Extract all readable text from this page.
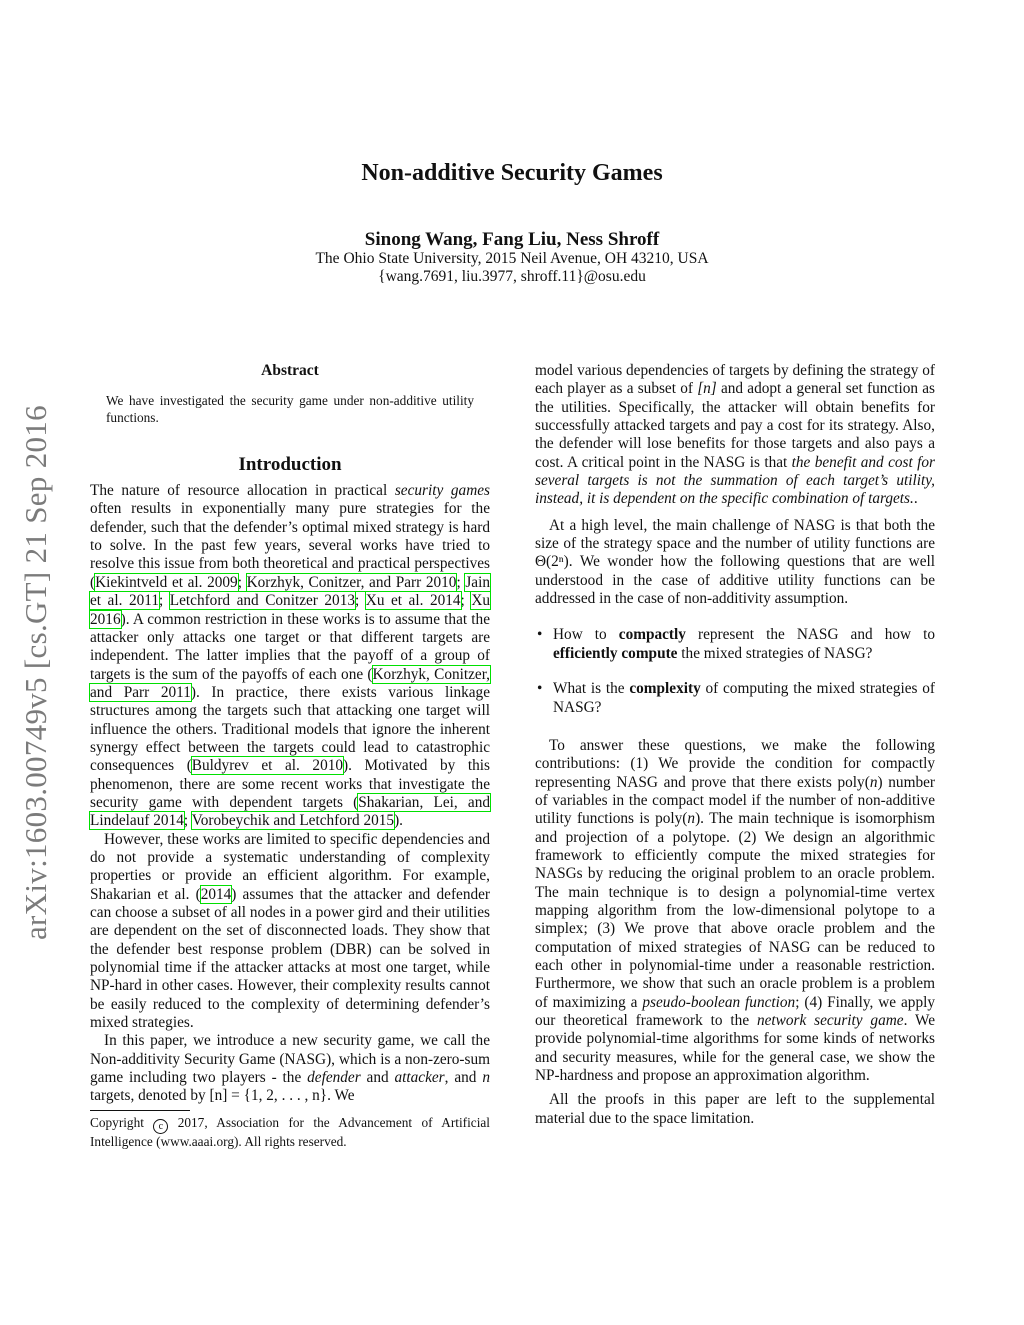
arXiv:1603.00749v5 [cs.GT] 21 Sep 2016
Non-additive Security Games
Sinong Wang, Fang Liu, Ness Shroff
The Ohio State University, 2015 Neil Avenue, OH 43210, USA
{wang.7691, liu.3977, shroff.11}@osu.edu
Abstract
We have investigated the security game under non-additive utility functions.
Introduction

The nature of resource allocation in practical security games often results in exponentially many pure strategies for the defender, such that the defender’s optimal mixed strategy is hard to solve. In the past few years, several works have tried to resolve this issue from both theoretical and practical perspectives (Kiekintveld et al. 2009; Korzhyk, Conitzer, and Parr 2010; Jain et al. 2011; Letchford and Conitzer 2013; Xu et al. 2014; Xu 2016). A common restriction in these works is to assume that the attacker only attacks one target or that different targets are independent. The latter implies that the payoff of a group of targets is the sum of the payoffs of each one (Korzhyk, Conitzer, and Parr 2011). In practice, there exists various linkage structures among the targets such that attacking one target will influence the others. Traditional models that ignore the inherent synergy effect between the targets could lead to catastrophic consequences (Buldyrev et al. 2010). Motivated by this phenomenon, there are some recent works that investigate the security game with dependent targets (Shakarian, Lei, and Lindelauf 2014; Vorobeychik and Letchford 2015).

However, these works are limited to specific dependencies and do not provide a systematic understanding of complexity properties or provide an efficient algorithm. For example, Shakarian et al. (2014) assumes that the attacker and defender can choose a subset of all nodes in a power gird and their utilities are dependent on the set of disconnected loads. They show that the defender best response problem (DBR) can be solved in polynomial time if the attacker attacks at most one target, while NP-hard in other cases. However, their complexity results cannot be easily reduced to the complexity of determining defender’s mixed strategies.

In this paper, we introduce a new security game, we call the Non-additivity Security Game (NASG), which is a non-zero-sum game including two players - the defender and attacker, and n targets, denoted by [n] = {1, 2, . . . , n}. We

Copyright c 2017, Association for the Advancement of Artificial Intelligence (www.aaai.org). All rights reserved.

model various dependencies of targets by defining the strategy of each player as a subset of [n] and adopt a general set function as the utilities. Specifically, the attacker will obtain benefits for successfully attacked targets and pay a cost for its strategy. Also, the defender will lose benefits for those targets and also pays a cost. A critical point in the NASG is that the benefit and cost for several targets is not the summation of each target’s utility, instead, it is dependent on the specific combination of targets..

At a high level, the main challenge of NASG is that both the size of the strategy space and the number of utility functions are Θ(2ⁿ). We wonder how the following questions that are well understood in the case of additive utility functions can be addressed in the case of non-additivity assumption.

• How to compactly represent the NASG and how to efficiently compute the mixed strategies of NASG?
• What is the complexity of computing the mixed strategies of NASG?

To answer these questions, we make the following contributions: (1) We provide the condition for compactly representing NASG and prove that there exists poly(n) number of variables in the compact model if the number of non-additive utility functions is poly(n). The main technique is isomorphism and projection of a polytope. (2) We design an algorithmic framework to efficiently compute the mixed strategies for NASGs by reducing the original problem to an oracle problem. The main technique is to design a polynomial-time vertex mapping algorithm from the low-dimensional polytope to a simplex; (3) We prove that above oracle problem and the computation of mixed strategies of NASG can be reduced to each other in polynomial-time under a reasonable restriction. Furthermore, we show that such an oracle problem is a problem of maximizing a pseudo-boolean function; (4) Finally, we apply our theoretical framework to the network security game. We provide polynomial-time algorithms for some kinds of networks and security measures, while for the general case, we show the NP-hardness and propose an approximation algorithm.

All the proofs in this paper are left to the supplemental material due to the space limitation.
